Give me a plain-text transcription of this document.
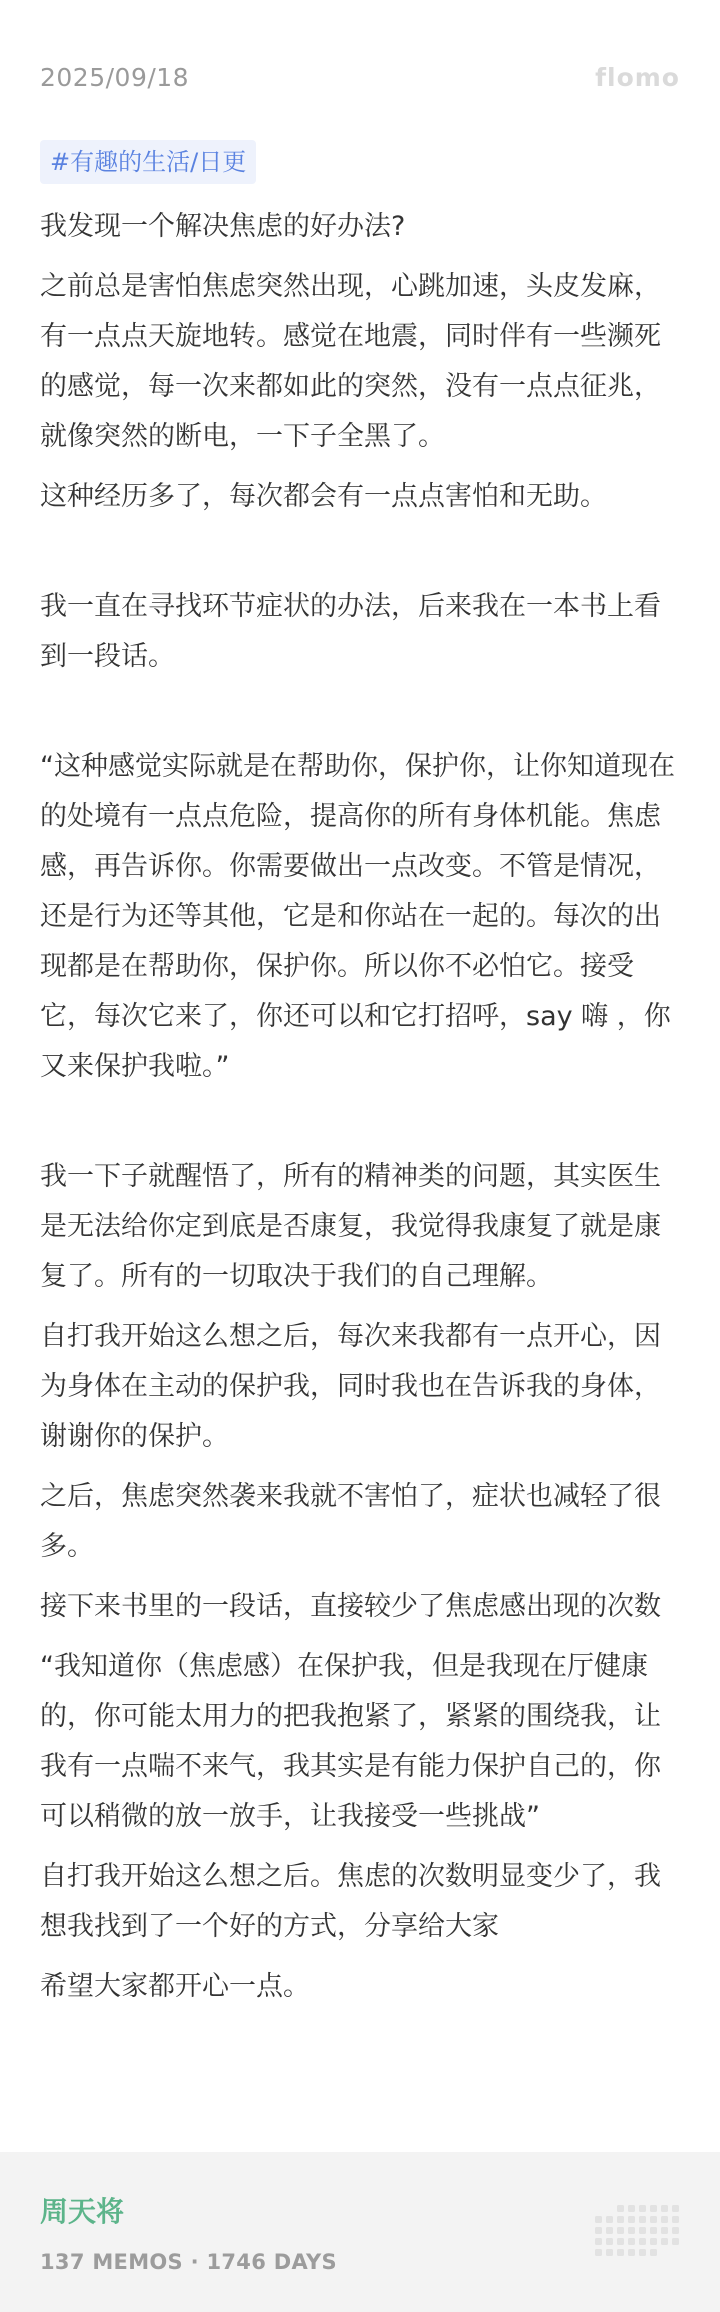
2025/09/18	flomo
#有趣的生活/日更

我发现一个解决焦虑的好办法?

之前总是害怕焦虑突然出现，心跳加速，头皮发麻，有一点点天旋地转。感觉在地震，同时伴有一些濒死的感觉，每一次来都如此的突然，没有一点点征兆，就像突然的断电，一下子全黑了。

这种经历多了，每次都会有一点点害怕和无助。

我一直在寻找环节症状的办法，后来我在一本书上看到一段话。

“这种感觉实际就是在帮助你，保护你，让你知道现在的处境有一点点危险，提高你的所有身体机能。焦虑感，再告诉你。你需要做出一点改变。不管是情况，还是行为还等其他，它是和你站在一起的。每次的出现都是在帮助你，保护你。所以你不必怕它。接受它，每次它来了，你还可以和它打招呼，say 嗨 ，你又来保护我啦。”

我一下子就醒悟了，所有的精神类的问题，其实医生是无法给你定到底是否康复，我觉得我康复了就是康复了。所有的一切取决于我们的自己理解。

自打我开始这么想之后，每次来我都有一点开心，因为身体在主动的保护我，同时我也在告诉我的身体，谢谢你的保护。

之后，焦虑突然袭来我就不害怕了，症状也减轻了很多。

接下来书里的一段话，直接较少了焦虑感出现的次数

“我知道你（焦虑感）在保护我，但是我现在厅健康的，你可能太用力的把我抱紧了，紧紧的围绕我，让我有一点喘不来气，我其实是有能力保护自己的，你可以稍微的放一放手，让我接受一些挑战”

自打我开始这么想之后。焦虑的次数明显变少了，我想我找到了一个好的方式，分享给大家

希望大家都开心一点。

周天将
137 MEMOS · 1746 DAYS
